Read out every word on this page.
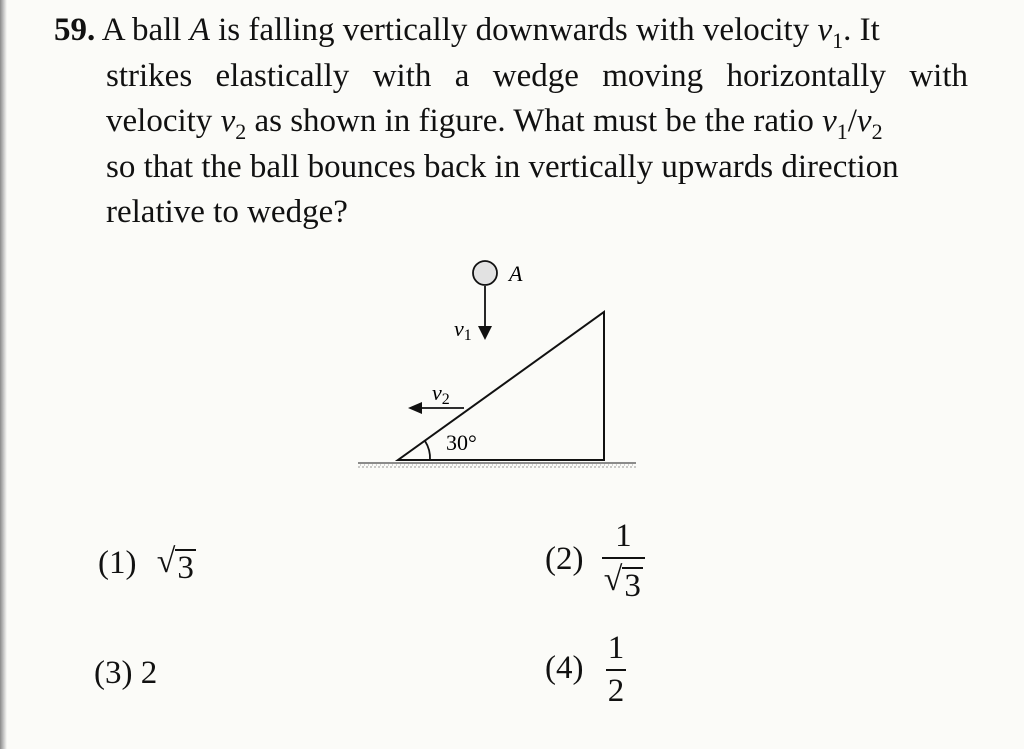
59. A ball A is falling vertically downwards with velocity $v_1$. It
strikes elastically with a wedge moving horizontally with
velocity $v_2$ as shown in figure. What must be the ratio $v_1/v_2$
so that the ball bounces back in vertically upwards direction
relative to wedge?
30°
A
v1
v2
(1) √ 3	$(2) \frac{1}{√ 3}$
(3) 2	$(4) \frac{1}{2}$
